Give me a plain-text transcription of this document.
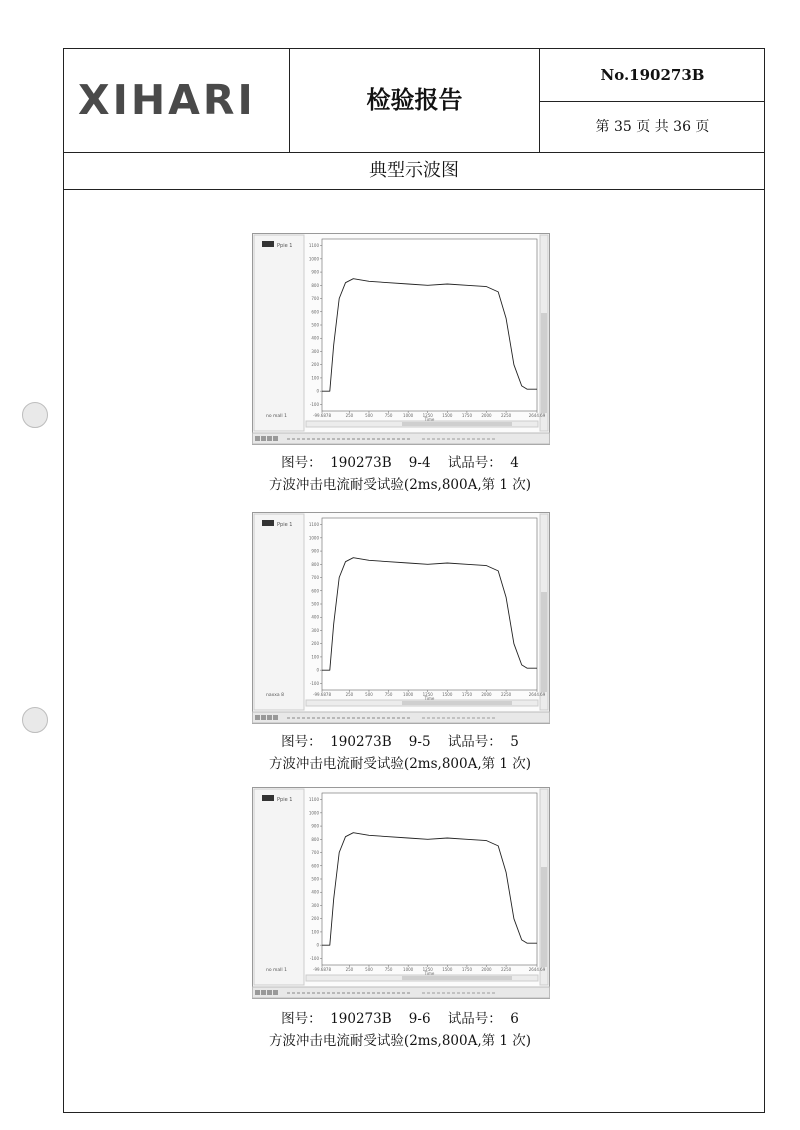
XIHARI	检验报告
No.190273B
第 35 页 共 36 页
典型示波图
Ppie 1
no mall 1
1100
1000
900
800
700
600
500
400
300
200
100
0
-100
-99.6878	250	500	750	1000 1250 1500 1750 2000 2250	2644.69
Time
图号：  190273B    9-4    试品号：  4
方波冲击电流耐受试验(2ms,800A,第 1 次)
Ppie 1
naxxa 8
1100
1000
900
800
700
600
500
400
300
200
100
0
-100
-99.6878	250	500	750	1000 1250 1500 1750 2000 2250	2644.69
Time
图号：  190273B    9-5    试品号：  5
方波冲击电流耐受试验(2ms,800A,第 1 次)
Ppie 1
no mall 1
1100
1000
900
800
700
600
500
400
300
200
100
0
-100
-99.6878	250	500	750	1000 1250 1500 1750 2000 2250	2644.69
Time
图号：  190273B    9-6    试品号：  6
方波冲击电流耐受试验(2ms,800A,第 1 次)
